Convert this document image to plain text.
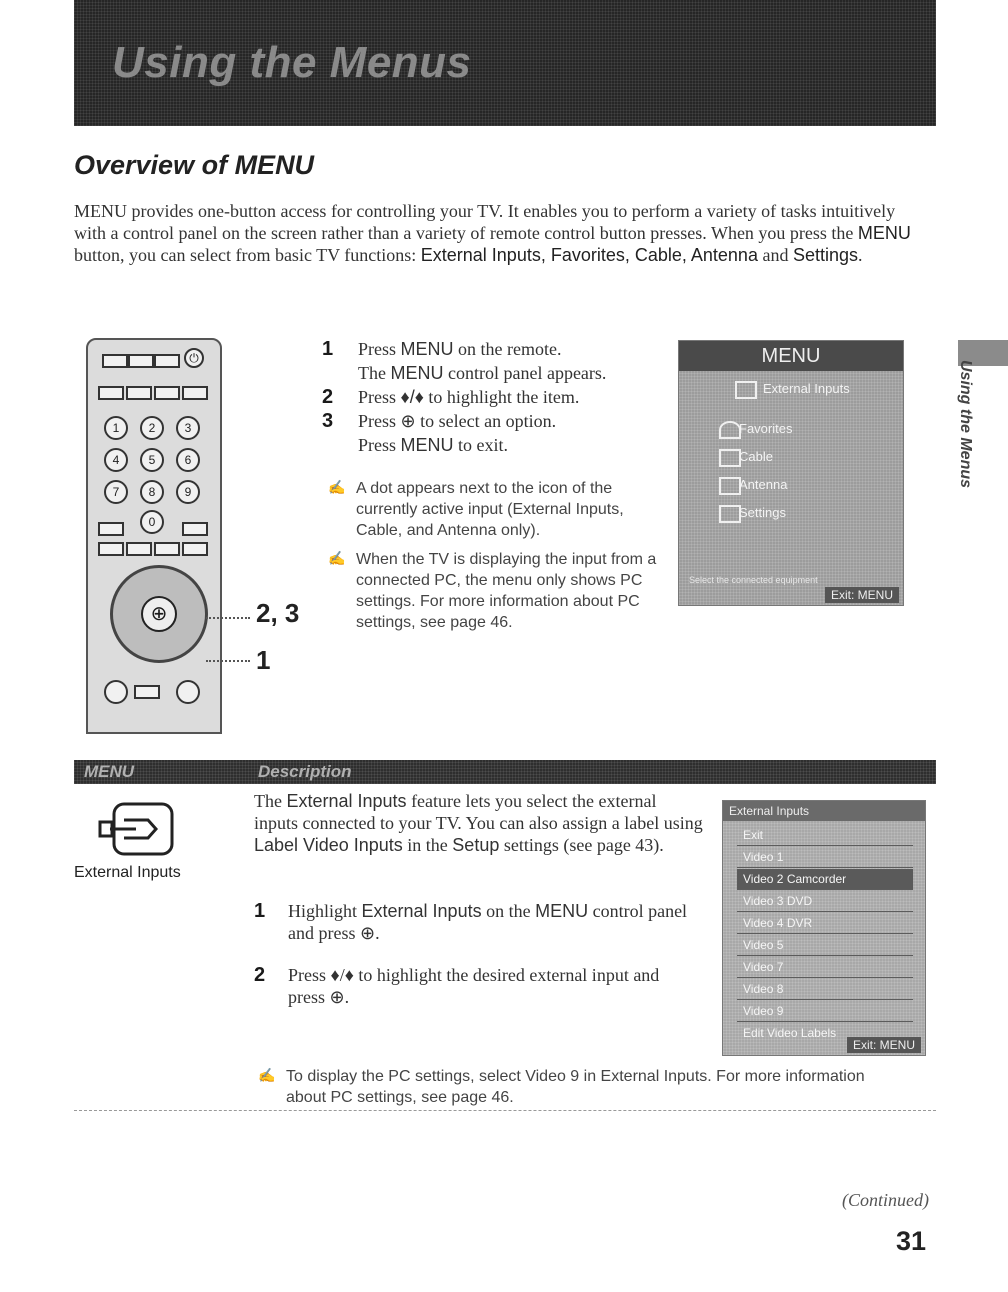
Using the Menus
Overview of MENU
MENU provides one-button access for controlling your TV. It enables you to perform a variety of tasks intuitively with a control panel on the screen rather than a variety of remote control button presses. When you press the MENU button, you can select from basic TV functions: External Inputs, Favorites, Cable, Antenna and Settings.
⏻
1	2	3
4	5	6
7	8	9
0
⊕	2, 3
1
1 Press MENU on the remote.
The MENU control panel appears.
2 Press ♦/♦ to highlight the item.
3 Press ⊕ to select an option.
Press MENU to exit.
✍ A dot appears next to the icon of the currently active input (External Inputs, Cable, and Antenna only).
✍ When the TV is displaying the input from a connected PC, the menu only shows PC settings. For more information about PC settings, see page 46.
MENU
External Inputs
Favorites
Cable
Antenna
Settings
Select the connected equipment
Exit: MENU
Using the Menus
MENU	Description
External Inputs
The External Inputs feature lets you select the external inputs connected to your TV. You can also assign a label using Label Video Inputs in the Setup settings (see page 43).
1 Highlight External Inputs on the MENU control panel and press ⊕.
2 Press ♦/♦ to highlight the desired external input and press ⊕.
External Inputs
Exit
Video 1
Video 2 Camcorder
Video 3 DVD
Video 4 DVR
Video 5
Video 7
Video 8
Video 9
Edit Video Labels
Exit: MENU
✍ To display the PC settings, select Video 9 in External Inputs. For more information about PC settings, see page 46.
(Continued)
31
